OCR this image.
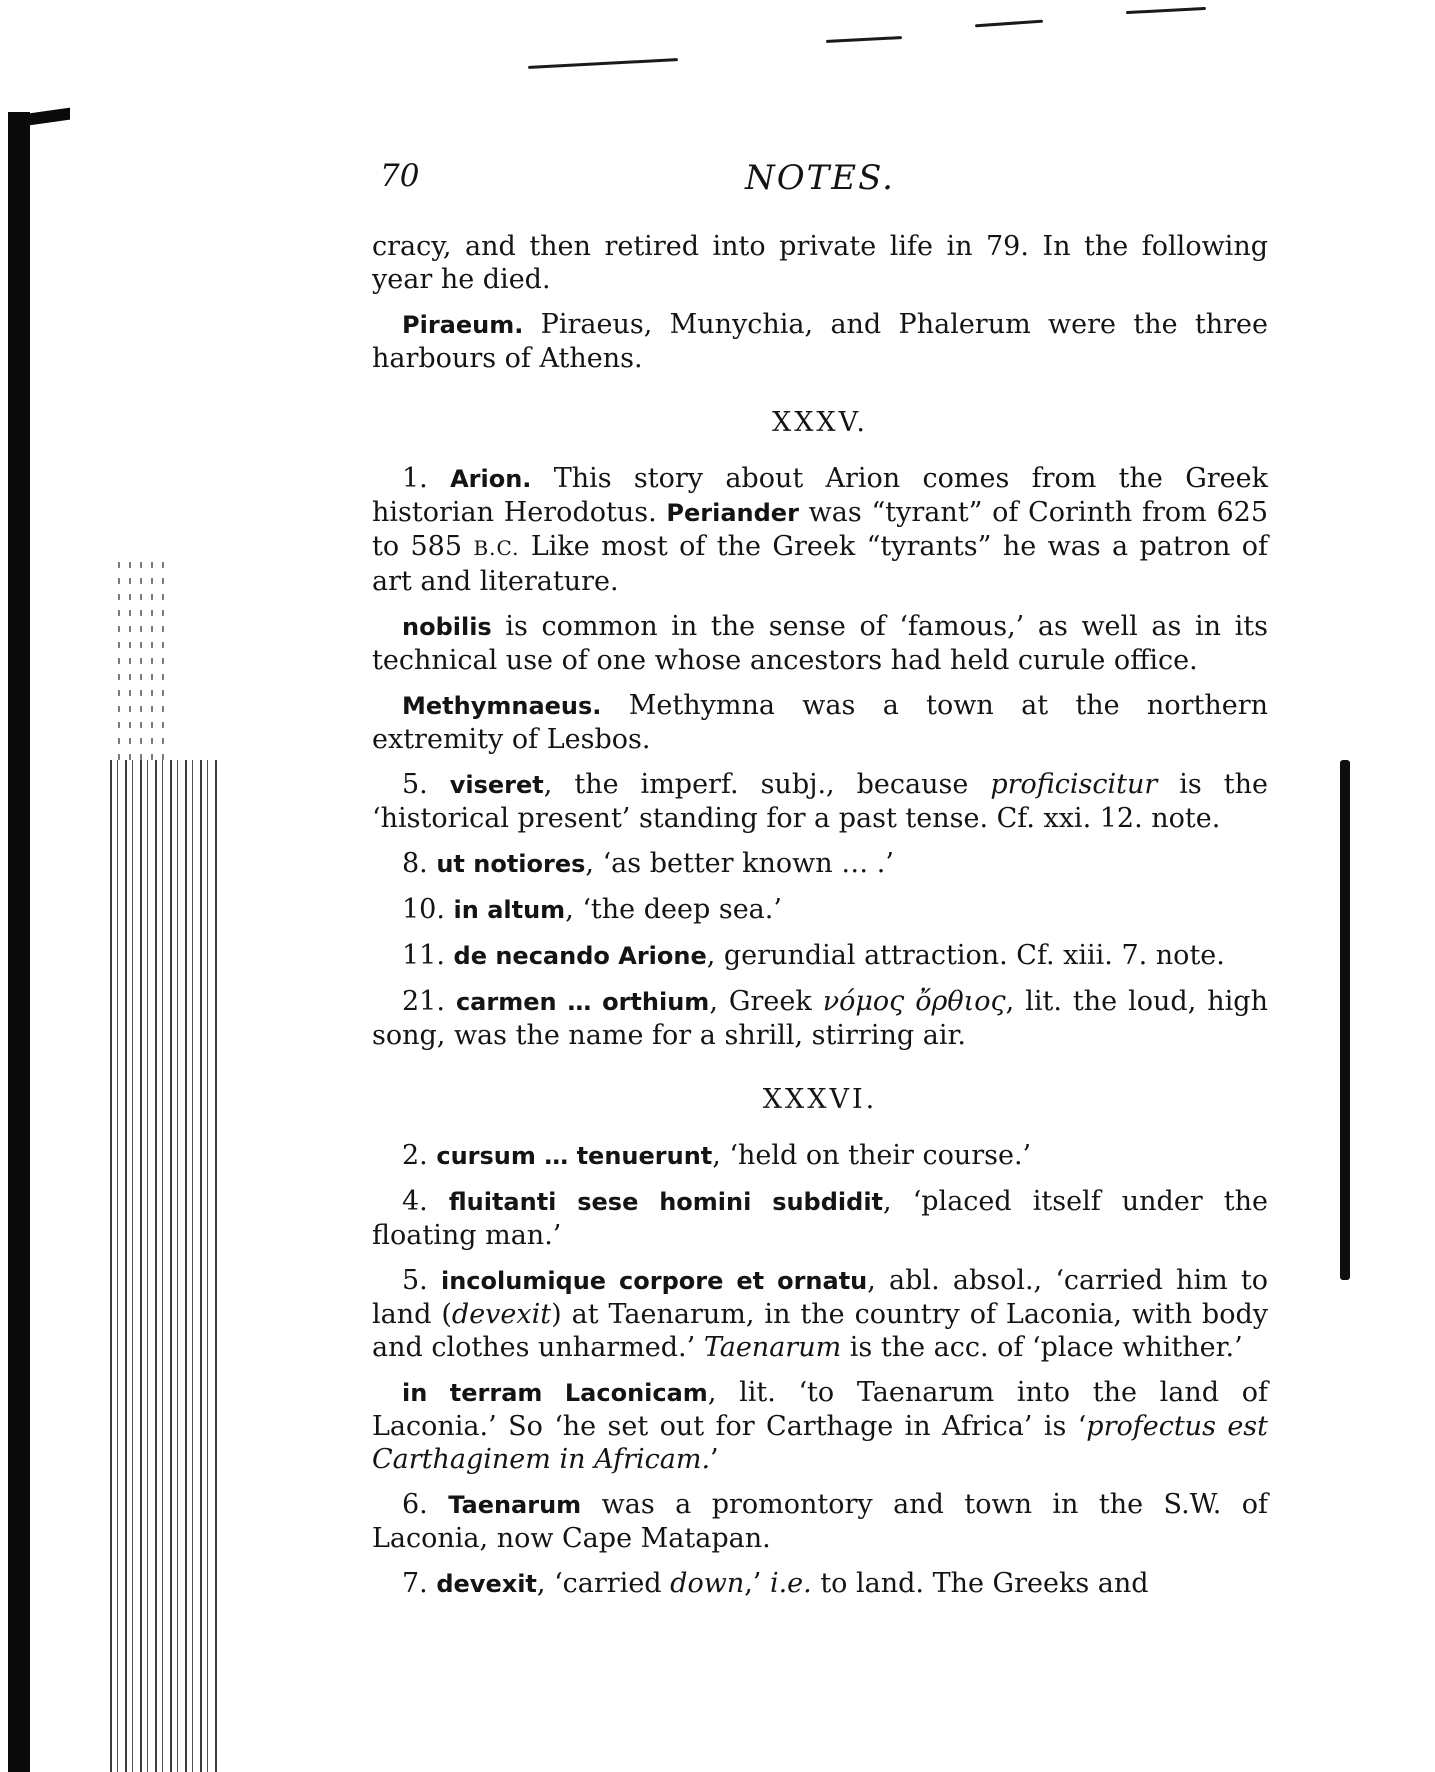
70	NOTES.

cracy, and then retired into private life in 79. In the following year he died.

Piraeum. Piraeus, Munychia, and Phalerum were the three harbours of Athens.

XXXV.

1. Arion. This story about Arion comes from the Greek historian Herodotus. Periander was “tyrant” of Corinth from 625 to 585 B.C. Like most of the Greek “tyrants” he was a patron of art and literature.

nobilis is common in the sense of ‘famous,’ as well as in its technical use of one whose ancestors had held curule office.

Methymnaeus. Methymna was a town at the northern extremity of Lesbos.

5. viseret, the imperf. subj., because proficiscitur is the ‘historical present’ standing for a past tense. Cf. xxi. 12. note.

8. ut notiores, ‘as better known … .’

10. in altum, ‘the deep sea.’

11. de necando Arione, gerundial attraction. Cf. xiii. 7. note.

21. carmen … orthium, Greek νόμος ὄρθιος, lit. the loud, high song, was the name for a shrill, stirring air.

XXXVI.

2. cursum … tenuerunt, ‘held on their course.’

4. fluitanti sese homini subdidit, ‘placed itself under the floating man.’

5. incolumique corpore et ornatu, abl. absol., ‘carried him to land (devexit) at Taenarum, in the country of Laconia, with body and clothes unharmed.’ Taenarum is the acc. of ‘place whither.’

in terram Laconicam, lit. ‘to Taenarum into the land of Laconia.’ So ‘he set out for Carthage in Africa’ is ‘profectus est Carthaginem in Africam.’

6. Taenarum was a promontory and town in the S.W. of Laconia, now Cape Matapan.

7. devexit, ‘carried down,’ i.e. to land. The Greeks and
